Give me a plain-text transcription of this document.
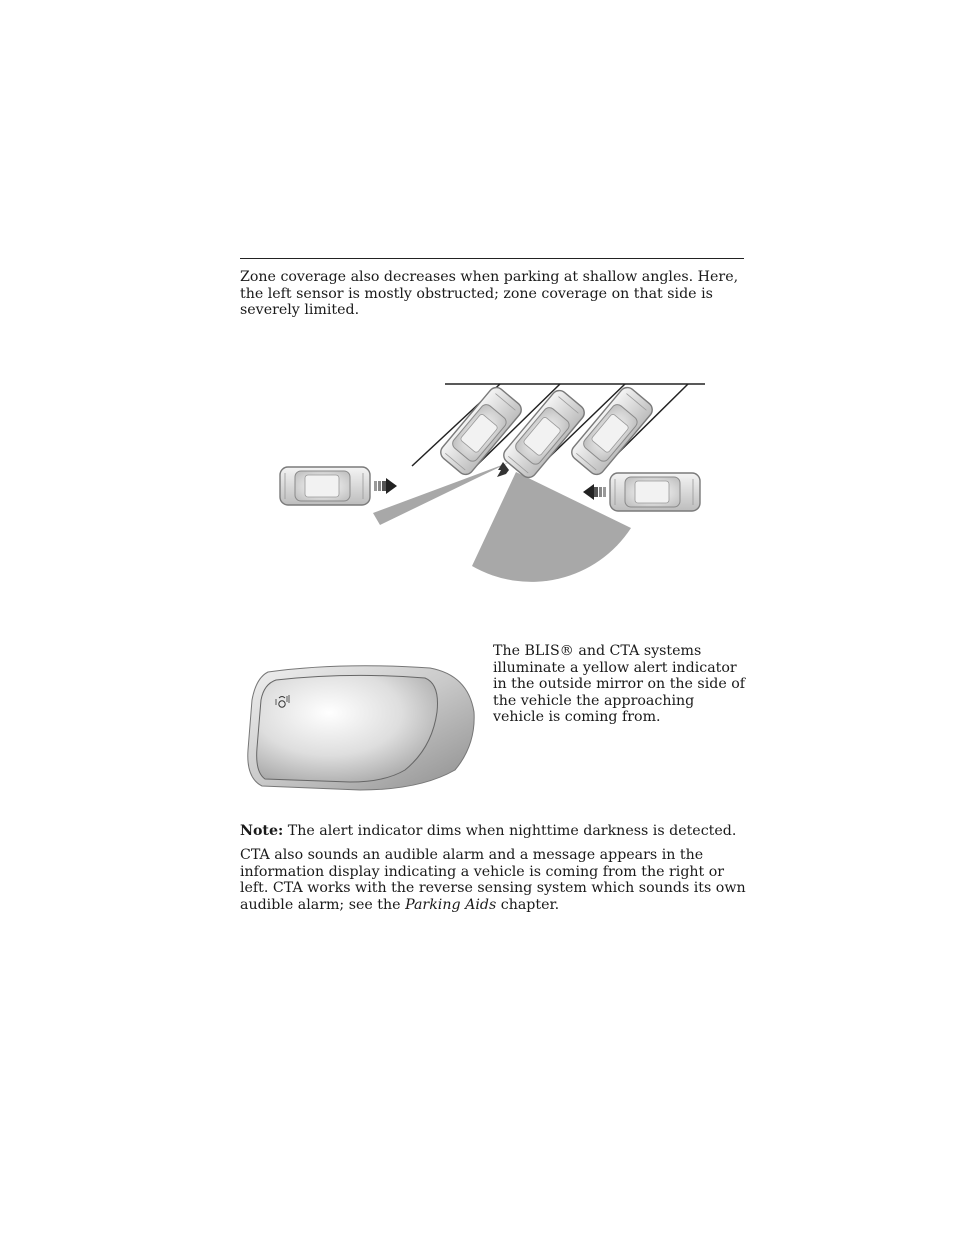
Zone coverage also decreases when parking at shallow angles. Here, the left sensor is mostly obstructed; zone coverage on that side is severely limited.

The BLIS® and CTA systems illuminate a yellow alert indicator in the outside mirror on the side of the vehicle the approaching vehicle is coming from.

Note: The alert indicator dims when nighttime darkness is detected.

CTA also sounds an audible alarm and a message appears in the information display indicating a vehicle is coming from the right or left. CTA works with the reverse sensing system which sounds its own audible alarm; see the Parking Aids chapter.
